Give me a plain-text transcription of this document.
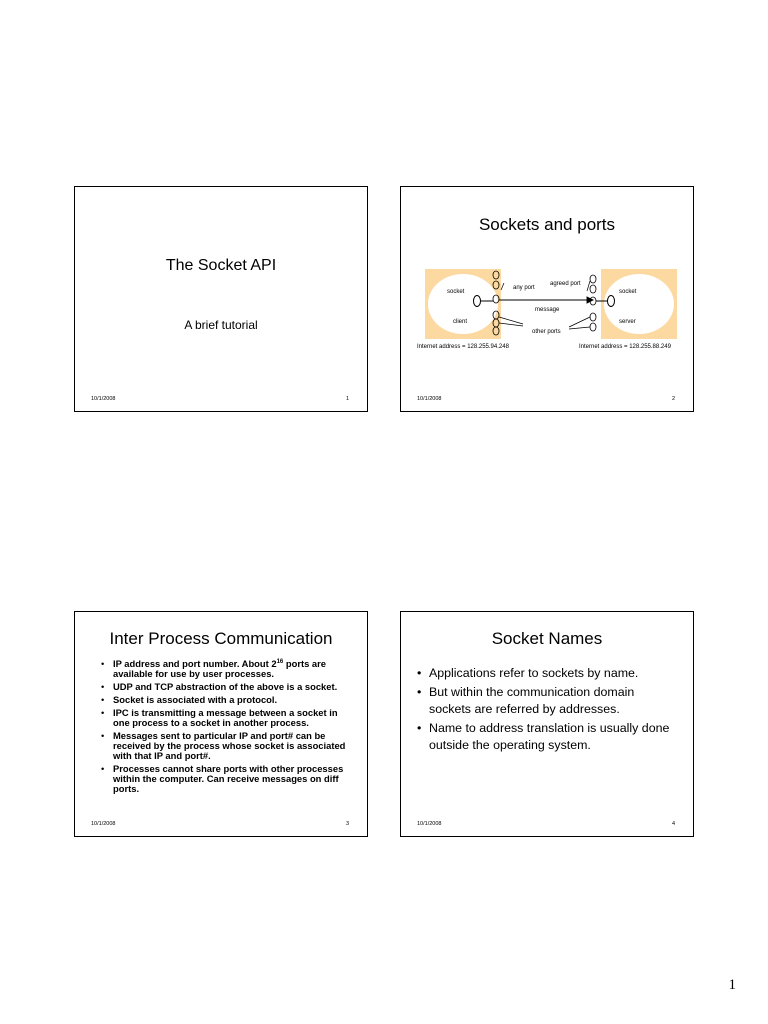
The Socket API
A brief tutorial
10/1/2008	1
Sockets and ports
socket
client
any port
agreed port
message
other ports
socket
server
Internet address = 128.255.94.248	Internet address = 128.255.88.249
10/1/2008	2
Inter Process Communication
• IP address and port number. About $2^{16}$ ports are available for use by user processes.
• UDP and TCP abstraction of the above is a socket.
• Socket is associated with a protocol.
• IPC is transmitting a message between a socket in one process to a socket in another process.
• Messages sent to particular IP and port# can be received by the process whose socket is associated with that IP and port#.
• Processes cannot share ports with other processes within the computer. Can receive messages on diff ports.
10/1/2008	3
Socket Names
• Applications refer to sockets by name.
• But within the communication domain sockets are referred by addresses.
• Name to address translation is usually done outside the operating system.
10/1/2008	4
1
